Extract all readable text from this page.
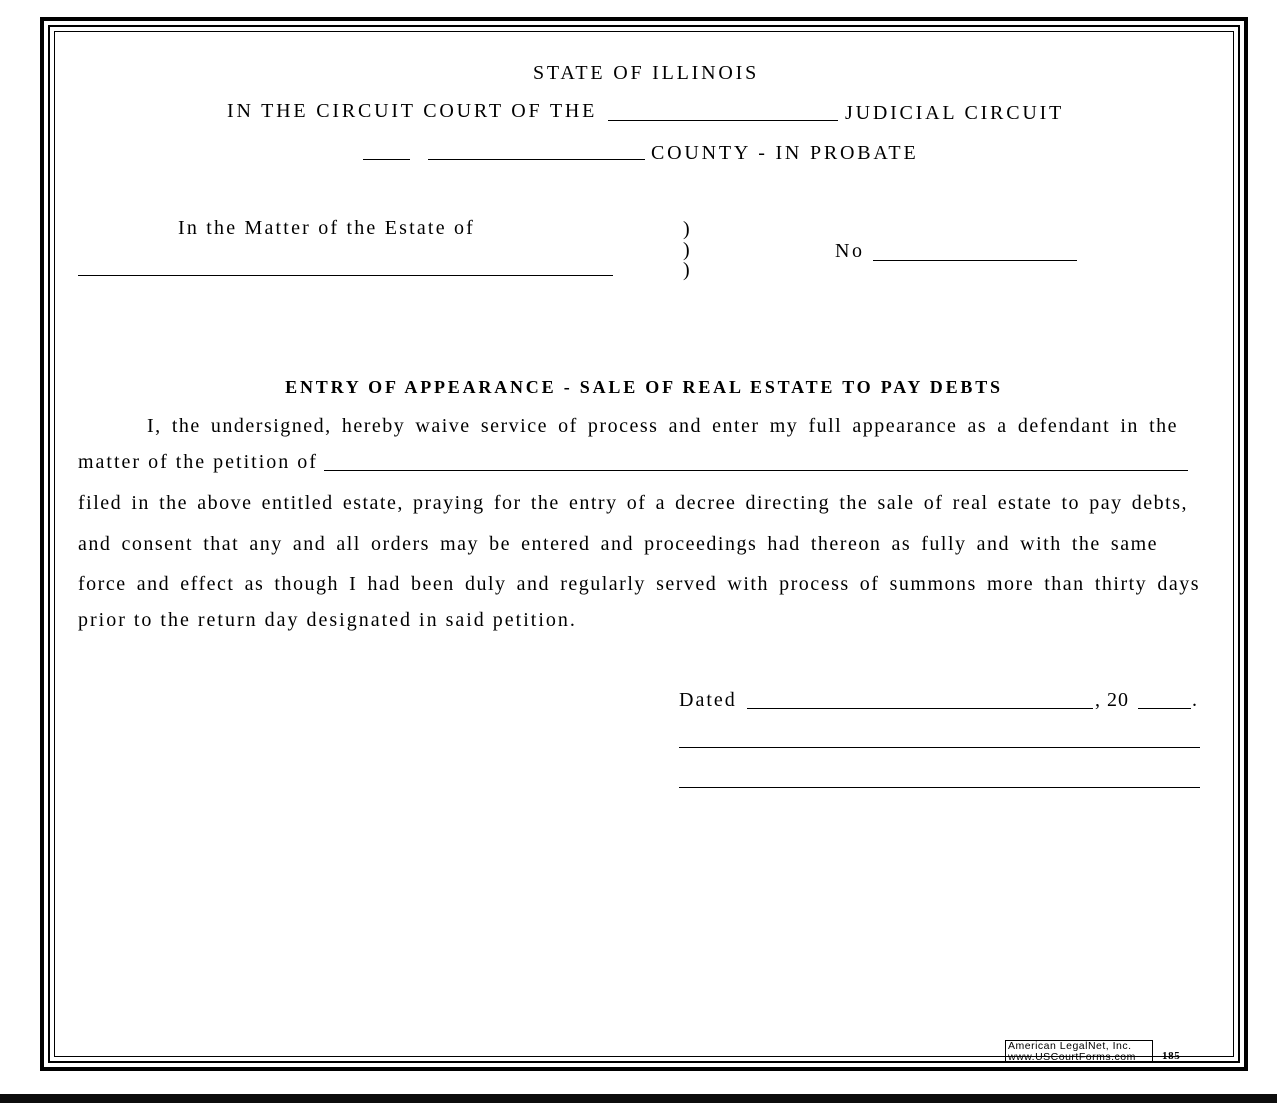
STATE OF ILLINOIS
IN THE CIRCUIT COURT OF THE	JUDICIAL CIRCUIT
COUNTY - IN PROBATE
In the Matter of the Estate of	)
)
)
No
ENTRY OF APPEARANCE - SALE OF REAL ESTATE TO PAY DEBTS
I, the undersigned, hereby waive service of process and enter my full appearance as a defendant in the
matter of the petition of
filed in the above entitled estate, praying for the entry of a decree directing the sale of real estate to pay debts,
and consent that any and all orders may be entered and proceedings had thereon as fully and with the same
force and effect as though I had been duly and regularly served with process of summons more than thirty days
prior to the return day designated in said petition.
Dated	, 20	.
American LegalNet, Inc.
www.USCourtForms.com	185
